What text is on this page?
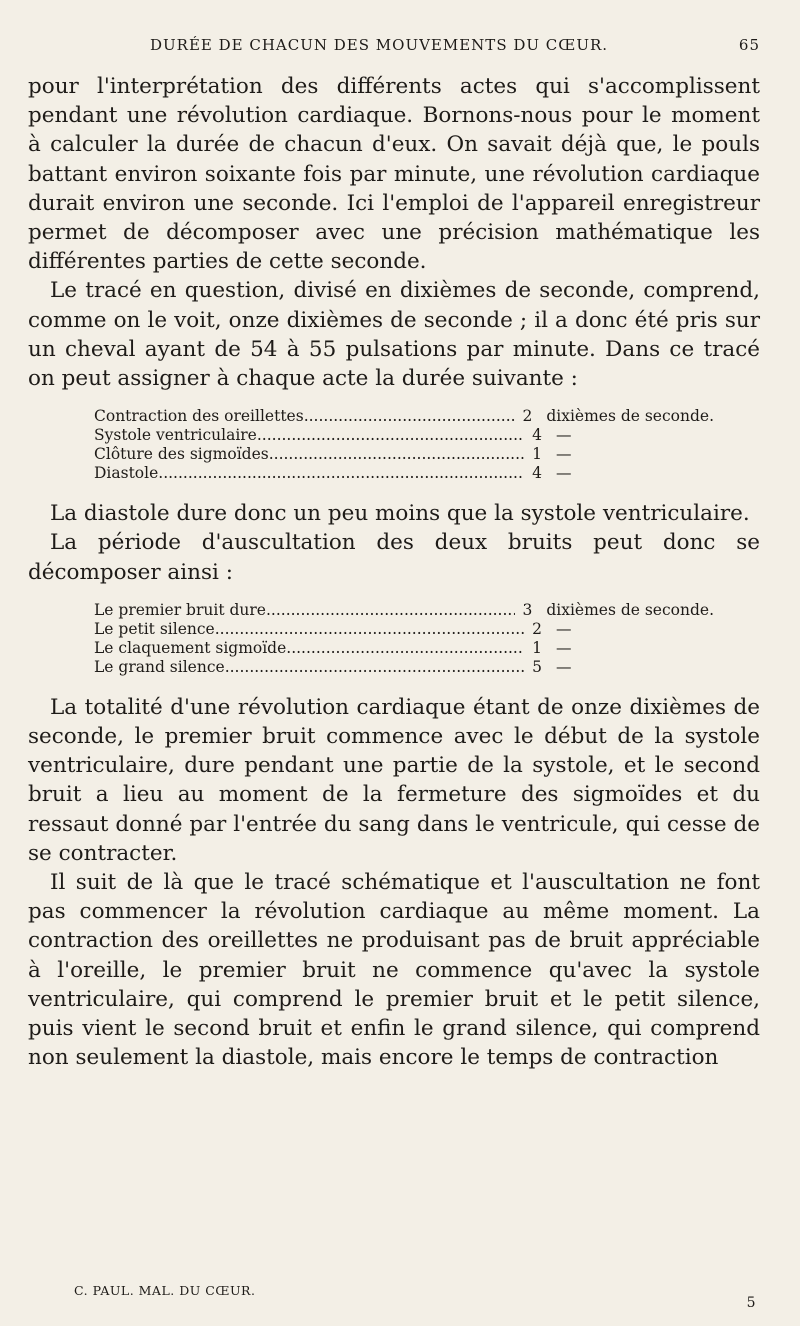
DURÉE DE CHACUN DES MOUVEMENTS DU CŒUR.	65

pour l'interprétation des différents actes qui s'accomplissent pendant une révolution cardiaque. Bornons-nous pour le moment à calculer la durée de chacun d'eux. On savait déjà que, le pouls battant environ soixante fois par minute, une révolution cardiaque durait environ une seconde. Ici l'emploi de l'appareil enregistreur permet de décomposer avec une précision mathématique les différentes parties de cette seconde.

Le tracé en question, divisé en dixièmes de seconde, comprend, comme on le voit, onze dixièmes de seconde ; il a donc été pris sur un cheval ayant de 54 à 55 pulsations par minute. Dans ce tracé on peut assigner à chaque acte la durée suivante :

Contraction des oreillettes .....	2 dixièmes de seconde.
Systole ventriculaire .....	4 —
Clôture des sigmoïdes .....	1 —
Diastole .....	4 —

La diastole dure donc un peu moins que la systole ventriculaire.

La période d'auscultation des deux bruits peut donc se décomposer ainsi :

Le premier bruit dure .....	3 dixièmes de seconde.
Le petit silence .....	2 —
Le claquement sigmoïde .....	1 —
Le grand silence .....	5 —

La totalité d'une révolution cardiaque étant de onze dixièmes de seconde, le premier bruit commence avec le début de la systole ventriculaire, dure pendant une partie de la systole, et le second bruit a lieu au moment de la fermeture des sigmoïdes et du ressaut donné par l'entrée du sang dans le ventricule, qui cesse de se contracter.

Il suit de là que le tracé schématique et l'auscultation ne font pas commencer la révolution cardiaque au même moment. La contraction des oreillettes ne produisant pas de bruit appréciable à l'oreille, le premier bruit ne commence qu'avec la systole ventriculaire, qui comprend le premier bruit et le petit silence, puis vient le second bruit et enfin le grand silence, qui comprend non seulement la diastole, mais encore le temps de contraction

C. PAUL. MAL. DU CŒUR.
5
